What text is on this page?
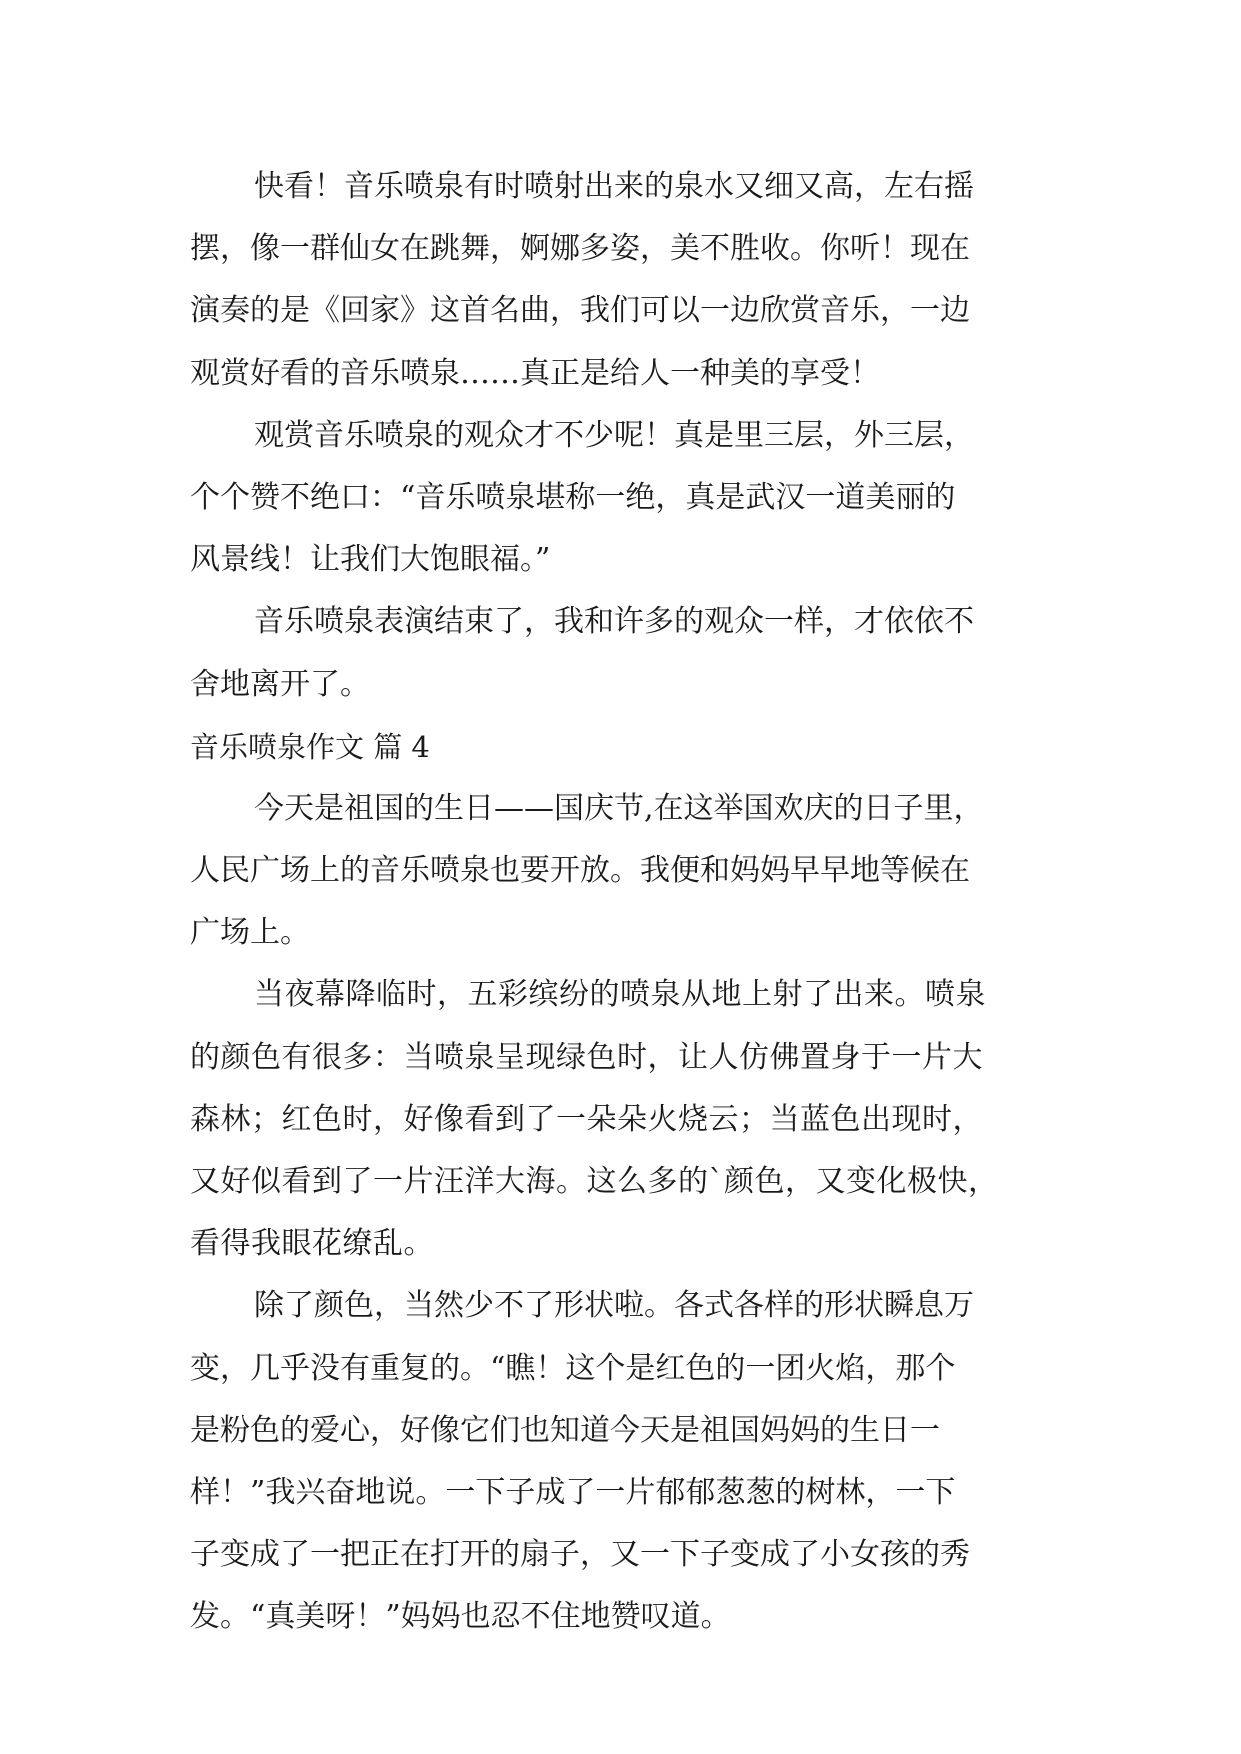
快看！音乐喷泉有时喷射出来的泉水又细又高，左右摇
摆，像一群仙女在跳舞，婀娜多姿，美不胜收。你听！现在
演奏的是《回家》这首名曲，我们可以一边欣赏音乐，一边
观赏好看的音乐喷泉……真正是给人一种美的享受！
观赏音乐喷泉的观众才不少呢！真是里三层，外三层，
个个赞不绝口：“音乐喷泉堪称一绝，真是武汉一道美丽的
风景线！让我们大饱眼福。”
音乐喷泉表演结束了，我和许多的观众一样，才依依不
舍地离开了。
音乐喷泉作文 篇 4
今天是祖国的生日——国庆节,在这举国欢庆的日子里，
人民广场上的音乐喷泉也要开放。我便和妈妈早早地等候在
广场上。
当夜幕降临时，五彩缤纷的喷泉从地上射了出来。喷泉
的颜色有很多：当喷泉呈现绿色时，让人仿佛置身于一片大
森林；红色时，好像看到了一朵朵火烧云；当蓝色出现时，
又好似看到了一片汪洋大海。这么多的`颜色，又变化极快，
看得我眼花缭乱。
除了颜色，当然少不了形状啦。各式各样的形状瞬息万
变，几乎没有重复的。“瞧！这个是红色的一团火焰，那个
是粉色的爱心，好像它们也知道今天是祖国妈妈的生日一
样！”我兴奋地说。一下子成了一片郁郁葱葱的树林，一下
子变成了一把正在打开的扇子，又一下子变成了小女孩的秀
发。“真美呀！”妈妈也忍不住地赞叹道。
